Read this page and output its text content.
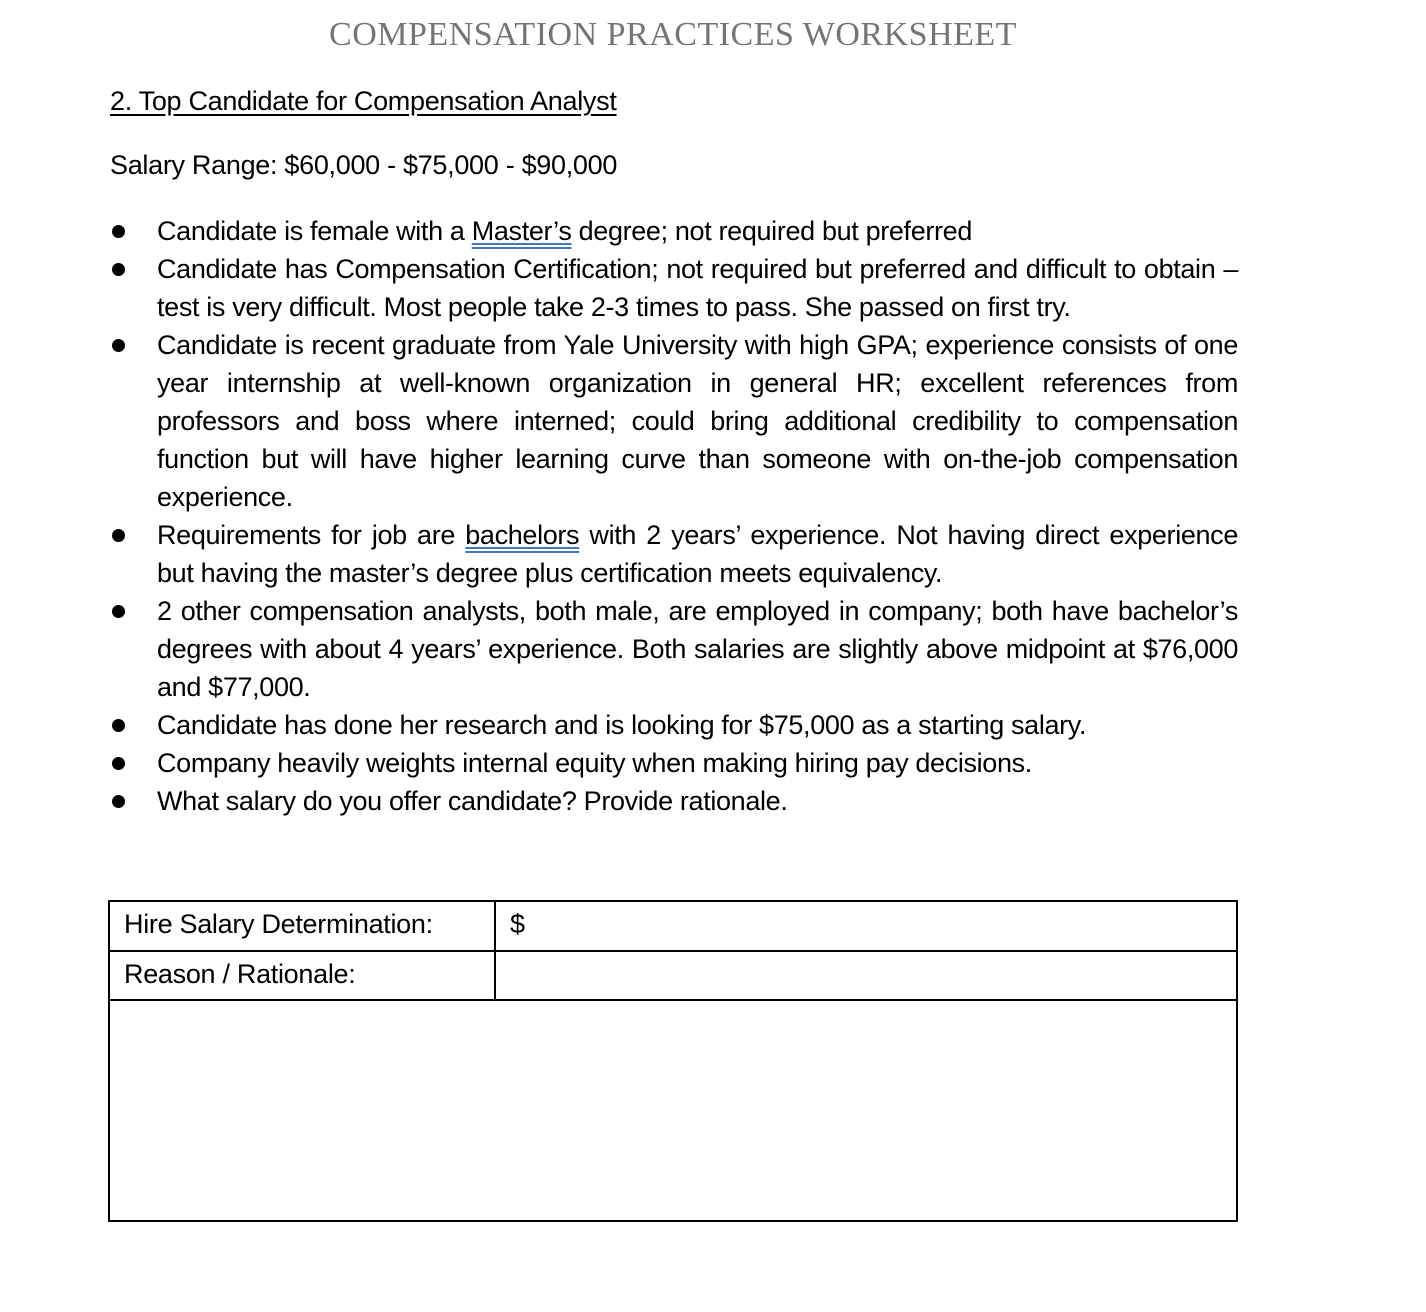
COMPENSATION PRACTICES WORKSHEET
2. Top Candidate for Compensation Analyst
Salary Range: $60,000 - $75,000 - $90,000
Candidate is female with a Master’s degree; not required but preferred
Candidate has Compensation Certification; not required but preferred and difficult to obtain – test is very difficult. Most people take 2-3 times to pass. She passed on first try.
Candidate is recent graduate from Yale University with high GPA; experience consists of one year internship at well-known organization in general HR; excellent references from professors and boss where interned; could bring additional credibility to compensation function but will have higher learning curve than someone with on-the-job compensation experience.
Requirements for job are bachelors with 2 years’ experience. Not having direct experience but having the master’s degree plus certification meets equivalency.
2 other compensation analysts, both male, are employed in company; both have bachelor’s degrees with about 4 years’ experience. Both salaries are slightly above midpoint at $76,000 and $77,000.
Candidate has done her research and is looking for $75,000 as a starting salary.
Company heavily weights internal equity when making hiring pay decisions.
What salary do you offer candidate? Provide rationale.
Hire Salary Determination:	$
Reason / Rationale:
